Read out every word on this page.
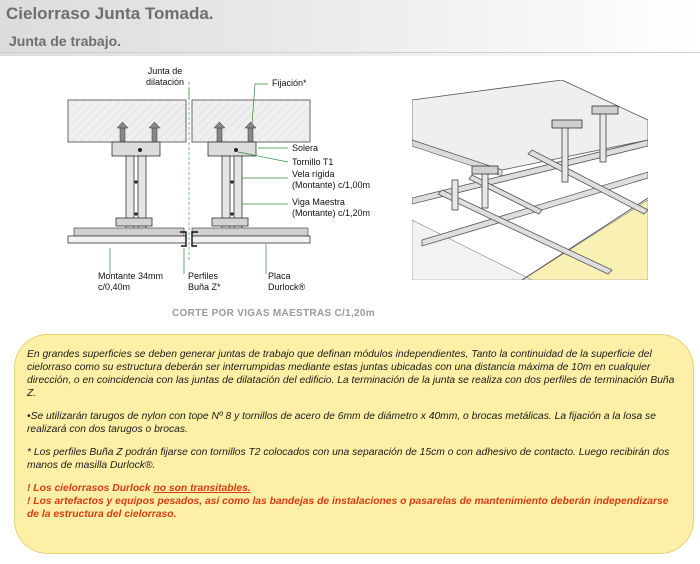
Cielorraso Junta Tomada.
Junta de trabajo.
Junta de
dilatación	Fijación*
Solera
Tornillo T1
Vela rígida
(Montante) c/1,00m
Viga Maestra
(Montante) c/1,20m
Montante 34mm
c/0,40m
Perfiles
Buña Z*
Placa
Durlock®
CORTE POR VIGAS MAESTRAS C/1,20m

En grandes superficies se deben generar juntas de trabajo que definan módulos independientes, Tanto la continuidad de la superficie del cielorraso como su estructura deberán ser interrumpidas mediante estas juntas ubicadas con una distancia máxima de 10m en cualquier dirección, o en coincidencia con las juntas de dilatación del edificio. La terminación de la junta se realiza con dos perfiles de terminación Buña Z.

•Se utilizarán tarugos de nylon con tope Nº 8 y tornillos de acero de 6mm de diámetro x 40mm, o brocas metálicas. La fijación a la losa se realizará con dos tarugos o brocas.

* Los perfiles Buña Z podrán fijarse con tornillos T2 colocados con una separación de 15cm o con adhesivo de contacto. Luego recibirán dos manos de masilla Durlock®.

! Los cielorrasos Durlock no son transitables.
! Los artefactos y equipos pesados, así como las bandejas de instalaciones o pasarelas de mantenimiento deberán independizarse de la estructura del cielorraso.
